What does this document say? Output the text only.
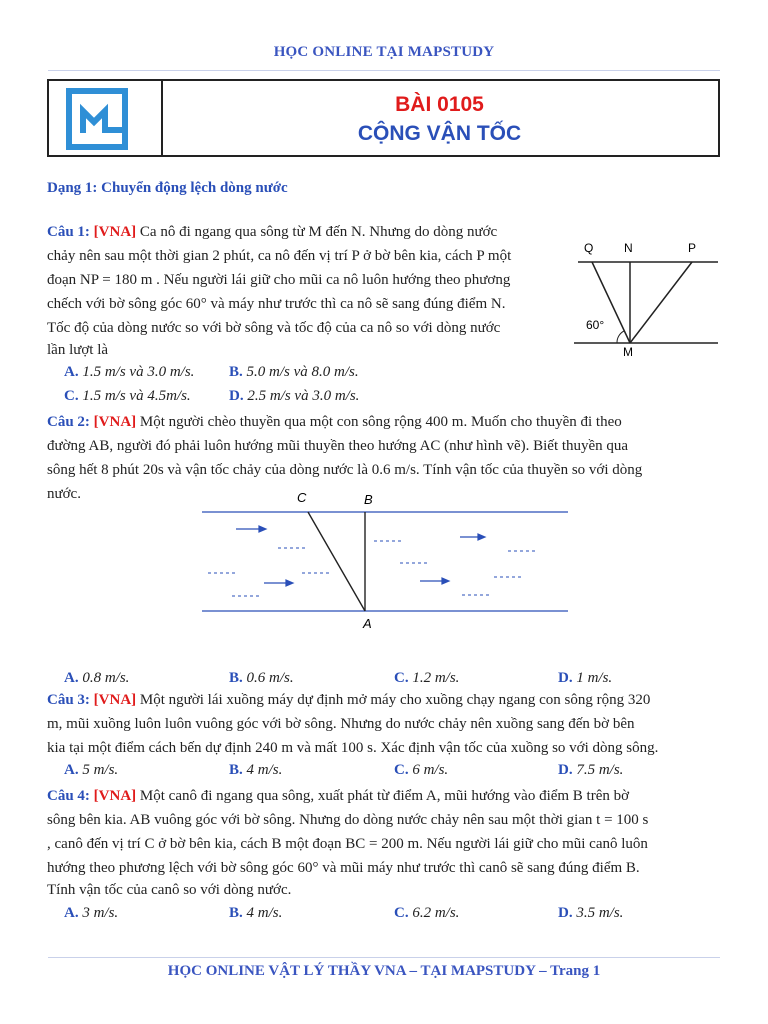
HỌC ONLINE TẠI MAPSTUDY
BÀI 0105
CỘNG VẬN TỐC
Dạng 1: Chuyển động lệch dòng nước
Câu 1: [VNA] Ca nô đi ngang qua sông từ M đến N. Nhưng do dòng nước
chảy nên sau một thời gian 2 phút, ca nô đến vị trí P ở bờ bên kia, cách P một
đoạn NP = 180 m . Nếu người lái giữ cho mũi ca nô luôn hướng theo phương
chếch với bờ sông góc 60° và máy như trước thì ca nô sẽ sang đúng điểm N.
Tốc độ của dòng nước so với bờ sông và tốc độ của ca nô so với dòng nước
lần lượt là
Q	N	P
60°
M
A. 1.5 m/s và 3.0 m/s. B. 5.0 m/s và 8.0 m/s.
C. 1.5 m/s và 4.5m/s.	D. 2.5 m/s và 3.0 m/s.
Câu 2: [VNA] Một người chèo thuyền qua một con sông rộng 400 m. Muốn cho thuyền đi theo
đường AB, người đó phải luôn hướng mũi thuyền theo hướng AC (như hình vẽ). Biết thuyền qua
sông hết 8 phút 20s và vận tốc chảy của dòng nước là 0.6 m/s. Tính vận tốc của thuyền so với dòng
nước.	C	B
A
A. 0.8 m/s.	B. 0.6 m/s.	C. 1.2 m/s.	D. 1 m/s.
Câu 3: [VNA] Một người lái xuồng máy dự định mở máy cho xuồng chạy ngang con sông rộng 320
m, mũi xuồng luôn luôn vuông góc với bờ sông. Nhưng do nước chảy nên xuồng sang đến bờ bên
kia tại một điểm cách bến dự định 240 m và mất 100 s. Xác định vận tốc của xuồng so với dòng sông.
A. 5 m/s.	B. 4 m/s.	C. 6 m/s.	D. 7.5 m/s.
Câu 4: [VNA] Một canô đi ngang qua sông, xuất phát từ điểm A, mũi hướng vào điểm B trên bờ
sông bên kia. AB vuông góc với bờ sông. Nhưng do dòng nước chảy nên sau một thời gian t = 100 s
, canô đến vị trí C ở bờ bên kia, cách B một đoạn BC = 200 m. Nếu người lái giữ cho mũi canô luôn
hướng theo phương lệch với bờ sông góc 60° và mũi máy như trước thì canô sẽ sang đúng điểm B.
Tính vận tốc của canô so với dòng nước.
A. 3 m/s.	B. 4 m/s.	C. 6.2 m/s.	D. 3.5 m/s.
HỌC ONLINE VẬT LÝ THẦY VNA – TẠI MAPSTUDY – Trang 1
